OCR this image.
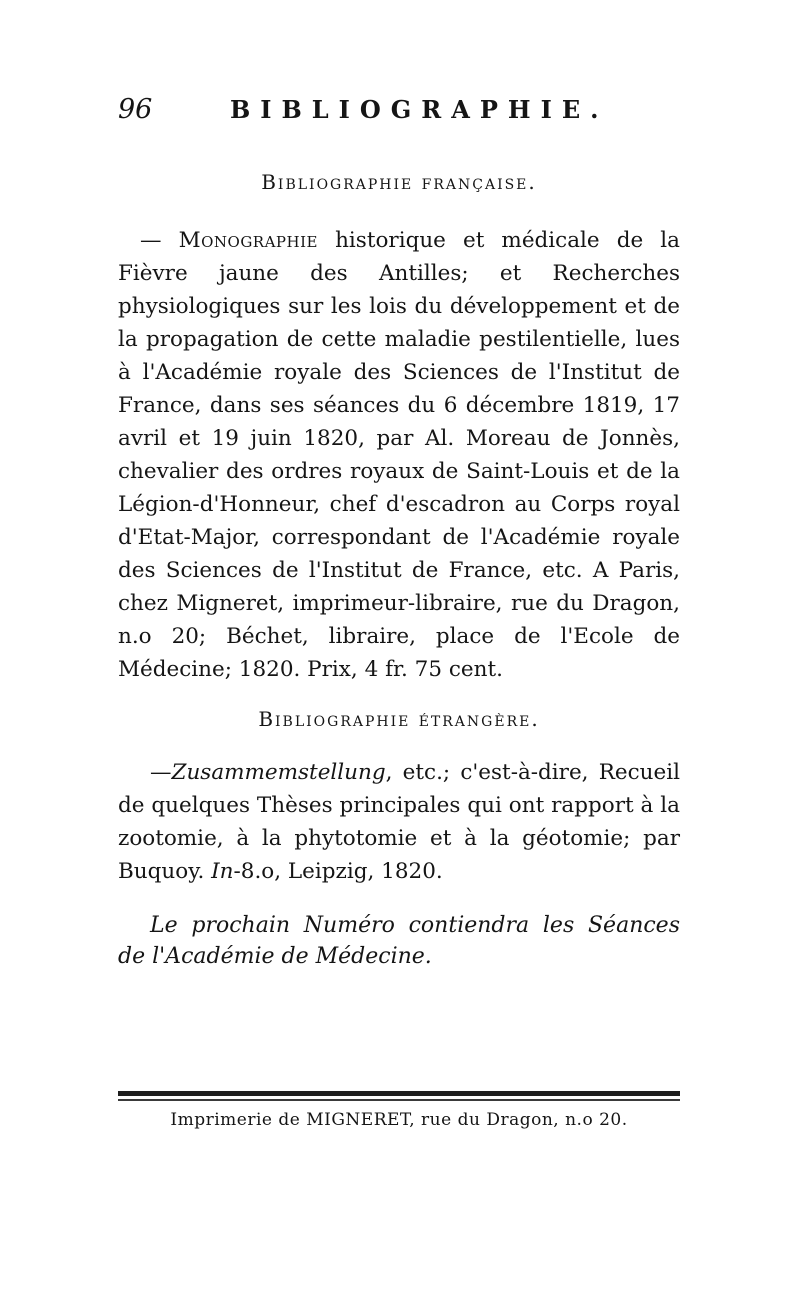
96	BIBLIOGRAPHIE.
Bibliographie française.

— Monographie historique et médicale de la Fièvre jaune des Antilles; et Recherches physiologiques sur les lois du développement et de la propagation de cette maladie pestilentielle, lues à l'Académie royale des Sciences de l'Institut de France, dans ses séances du 6 décembre 1819, 17 avril et 19 juin 1820, par Al. Moreau de Jonnès, chevalier des ordres royaux de Saint-Louis et de la Légion-d'Honneur, chef d'escadron au Corps royal d'Etat-Major, correspondant de l'Académie royale des Sciences de l'Institut de France, etc. A Paris, chez Migneret, imprimeur-libraire, rue du Dragon, n.o 20; Béchet, libraire, place de l'Ecole de Médecine; 1820. Prix, 4 fr. 75 cent.

Bibliographie étrangère.

—Zusammemstellung, etc.; c'est-à-dire, Recueil de quelques Thèses principales qui ont rapport à la zootomie, à la phytotomie et à la géotomie; par Buquoy. In-8.o, Leipzig, 1820.

Le prochain Numéro contiendra les Séances de l'Académie de Médecine.

Imprimerie de MIGNERET, rue du Dragon, n.o 20.
